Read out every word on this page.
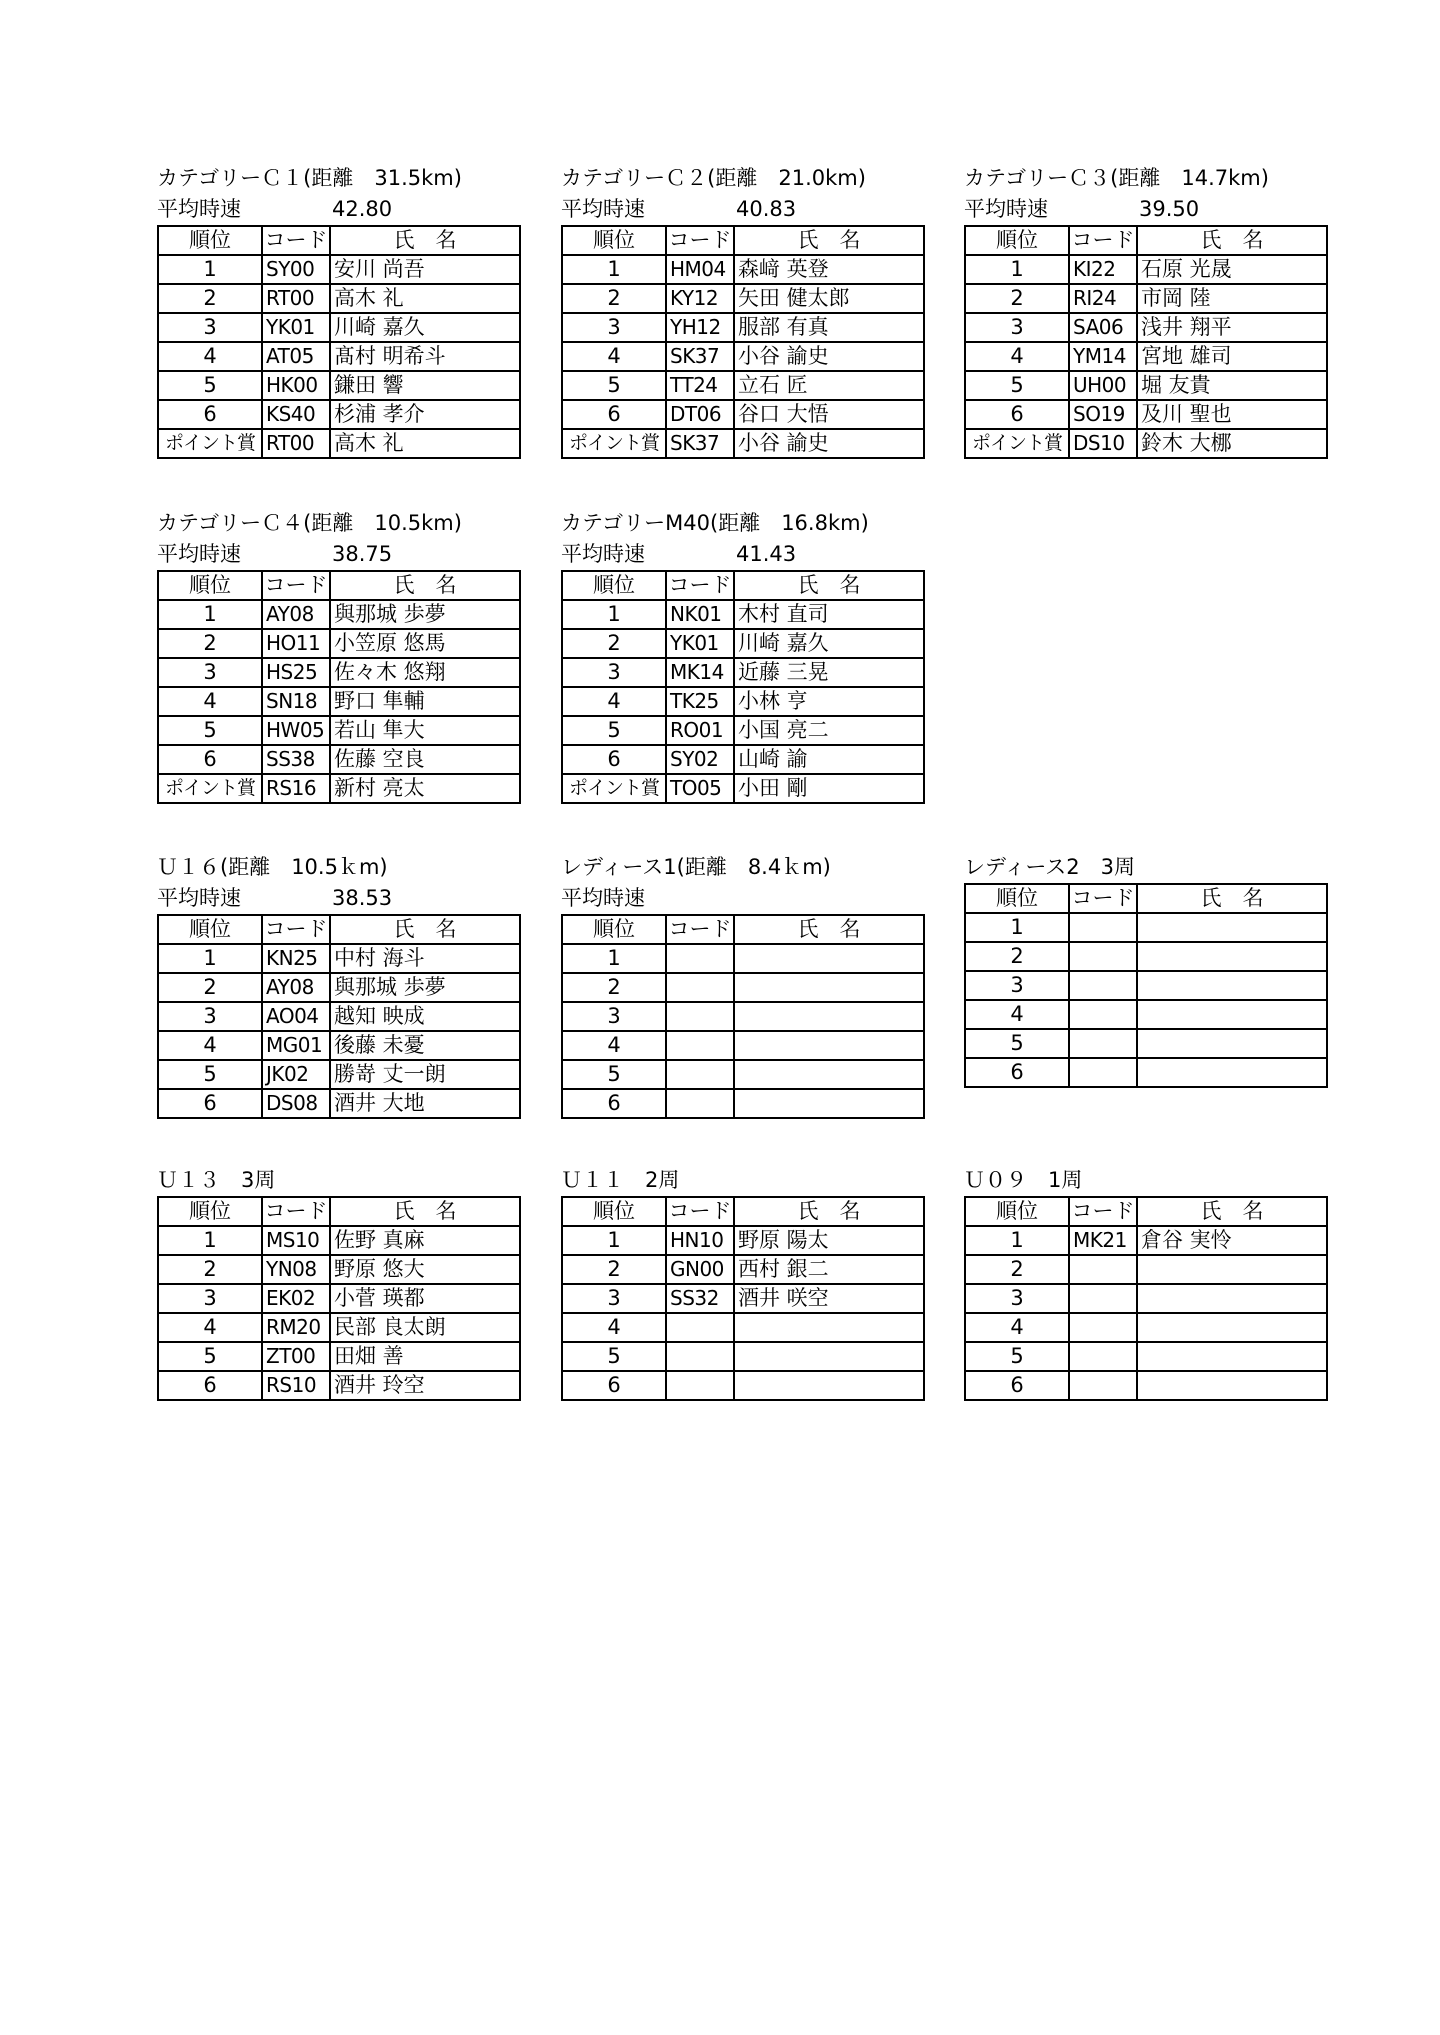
カテゴリーＣ１(距離　31.5km)
平均時速	42.80
順位	コード	氏　名
1	SY00	安川 尚吾
2	RT00	高木 礼
3	YK01	川崎 嘉久
4	AT05	髙村 明希斗
5	HK00	鎌田 響
6	KS40	杉浦 孝介
ポイント賞	RT00	高木 礼
カテゴリーＣ２(距離　21.0km)
平均時速	40.83
順位	コード	氏　名
1	HM04	森﨑 英登
2	KY12	矢田 健太郎
3	YH12	服部 有真
4	SK37	小谷 諭史
5	TT24	立石 匠
6	DT06	谷口 大悟
ポイント賞	SK37	小谷 諭史
カテゴリーＣ３(距離　14.7km)
平均時速	39.50
順位	コード	氏　名
1	KI22	石原 光晟
2	RI24	市岡 陸
3	SA06	浅井 翔平
4	YM14	宮地 雄司
5	UH00	堀 友貴
6	SO19	及川 聖也
ポイント賞	DS10	鈴木 大梛
カテゴリーＣ４(距離　10.5km)
平均時速	38.75
順位	コード	氏　名
1	AY08	與那城 歩夢
2	HO11	小笠原 悠馬
3	HS25	佐々木 悠翔
4	SN18	野口 隼輔
5	HW05	若山 隼大
6	SS38	佐藤 空良
ポイント賞	RS16	新村 亮太
カテゴリーM40(距離　16.8km)
平均時速	41.43
順位	コード	氏　名
1	NK01	木村 直司
2	YK01	川崎 嘉久
3	MK14	近藤 三晃
4	TK25	小林 亨
5	RO01	小国 亮二
6	SY02	山崎 諭
ポイント賞	TO05	小田 剛
Ｕ１６(距離　10.5ｋm)
平均時速	38.53
順位	コード	氏　名
1	KN25	中村 海斗
2	AY08	與那城 歩夢
3	AO04	越知 映成
4	MG01	後藤 未憂
5	JK02	勝嵜 丈一朗
6	DS08	酒井 大地
レディース1(距離　8.4ｋm)
平均時速
順位	コード	氏　名
1		
2		
3		
4		
5		
6		
レディース2　3周
順位	コード	氏　名
1		
2		
3		
4		
5		
6		
Ｕ１３　3周
順位	コード	氏　名
1	MS10	佐野 真麻
2	YN08	野原 悠大
3	EK02	小菅 瑛都
4	RM20	民部 良太朗
5	ZT00	田畑 善
6	RS10	酒井 玲空
Ｕ１１　2周
順位	コード	氏　名
1	HN10	野原 陽太
2	GN00	西村 銀二
3	SS32	酒井 咲空
4		
5		
6		
Ｕ０９　1周
順位	コード	氏　名
1	MK21	倉谷 実怜
2		
3		
4		
5		
6		
